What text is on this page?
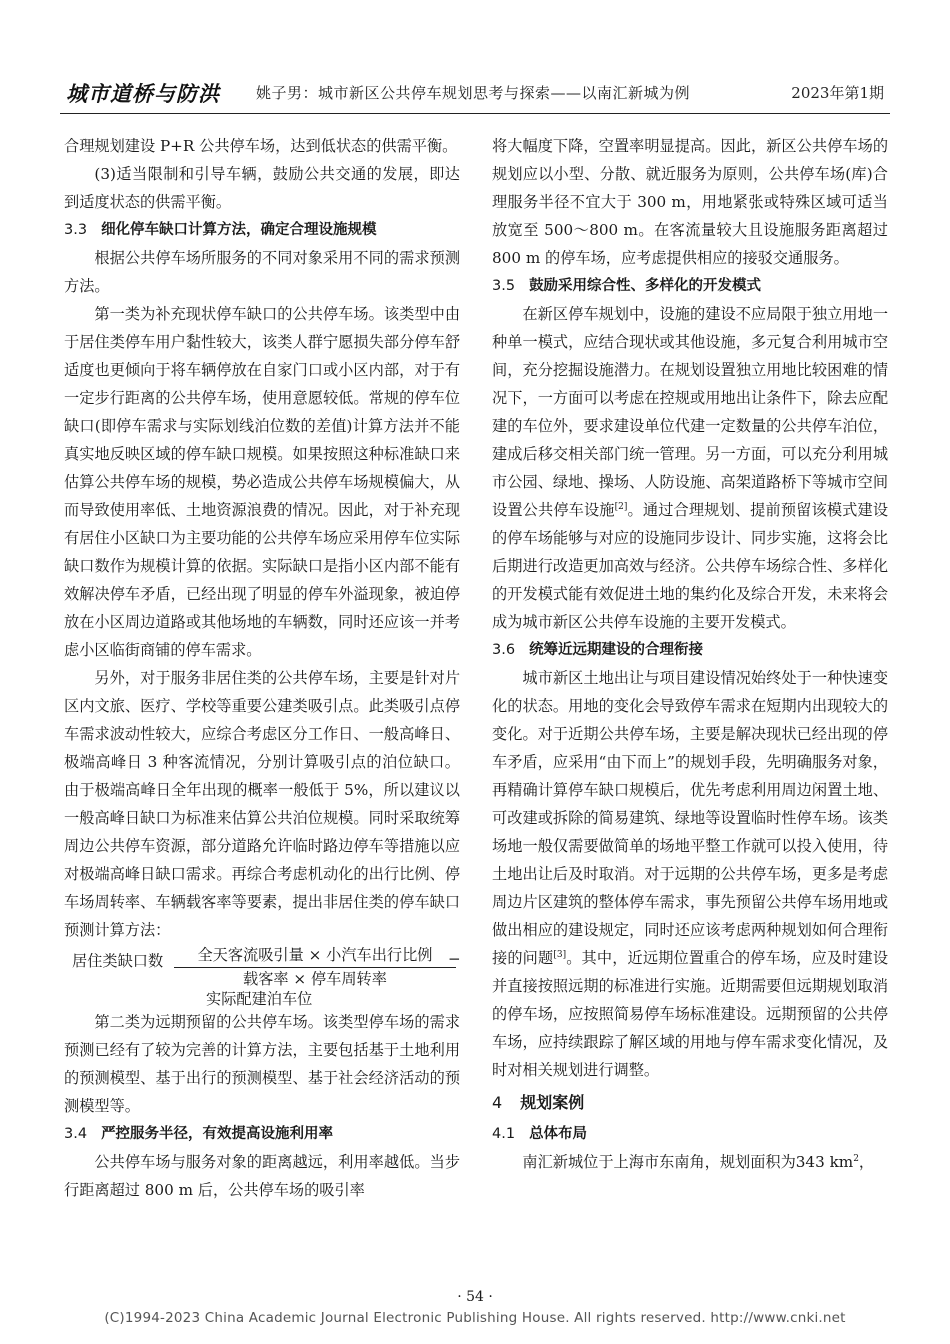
城市道桥与防洪 姚子男：城市新区公共停车规划思考与探索——以南汇新城为例	2023年第1期

合理规划建设 P+R 公共停车场，达到低状态的供需平衡。

(3)适当限制和引导车辆，鼓励公共交通的发展，即达到适度状态的供需平衡。

3.3 细化停车缺口计算方法，确定合理设施规模

根据公共停车场所服务的不同对象采用不同的需求预测方法。

第一类为补充现状停车缺口的公共停车场。该类型中由于居住类停车用户黏性较大，该类人群宁愿损失部分停车舒适度也更倾向于将车辆停放在自家门口或小区内部，对于有一定步行距离的公共停车场，使用意愿较低。常规的停车位缺口(即停车需求与实际划线泊位数的差值)计算方法并不能真实地反映区域的停车缺口规模。如果按照这种标准缺口来估算公共停车场的规模，势必造成公共停车场规模偏大，从而导致使用率低、土地资源浪费的情况。因此，对于补充现有居住小区缺口为主要功能的公共停车场应采用停车位实际缺口数作为规模计算的依据。实际缺口是指小区内部不能有效解决停车矛盾，已经出现了明显的停车外溢现象，被迫停放在小区周边道路或其他场地的车辆数，同时还应该一并考虑小区临街商铺的停车需求。

另外，对于服务非居住类的公共停车场，主要是针对片区内文旅、医疗、学校等重要公建类吸引点。此类吸引点停车需求波动性较大，应综合考虑区分工作日、一般高峰日、极端高峰日 3 种客流情况，分别计算吸引点的泊位缺口。由于极端高峰日全年出现的概率一般低于 5%，所以建议以一般高峰日缺口为标准来估算公共泊位规模。同时采取统筹周边公共停车资源，部分道路允许临时路边停车等措施以应对极端高峰日缺口需求。再综合考虑机动化的出行比例、停车场周转率、车辆载客率等要素，提出非居住类的停车缺口预测计算方法：

居住类缺口数	全天客流吸引量 × 小汽车出行比例
载客率 × 停车周转率
−
实际配建泊车位

第二类为远期预留的公共停车场。该类型停车场的需求预测已经有了较为完善的计算方法，主要包括基于土地利用的预测模型、基于出行的预测模型、基于社会经济活动的预测模型等。

3.4 严控服务半径，有效提高设施利用率

公共停车场与服务对象的距离越远，利用率越低。当步行距离超过 800 m 后，公共停车场的吸引率

将大幅度下降，空置率明显提高。因此，新区公共停车场的规划应以小型、分散、就近服务为原则，公共停车场(库)合理服务半径不宜大于 300 m，用地紧张或特殊区域可适当放宽至 500～800 m。在客流量较大且设施服务距离超过 800 m 的停车场，应考虑提供相应的接驳交通服务。

3.5 鼓励采用综合性、多样化的开发模式

在新区停车规划中，设施的建设不应局限于独立用地一种单一模式，应结合现状或其他设施，多元复合利用城市空间，充分挖掘设施潜力。在规划设置独立用地比较困难的情况下，一方面可以考虑在控规或用地出让条件下，除去应配建的车位外，要求建设单位代建一定数量的公共停车泊位，建成后移交相关部门统一管理。另一方面，可以充分利用城市公园、绿地、操场、人防设施、高架道路桥下等城市空间设置公共停车设施[2]。通过合理规划、提前预留该模式建设的停车场能够与对应的设施同步设计、同步实施，这将会比后期进行改造更加高效与经济。公共停车场综合性、多样化的开发模式能有效促进土地的集约化及综合开发，未来将会成为城市新区公共停车设施的主要开发模式。

3.6 统筹近远期建设的合理衔接

城市新区土地出让与项目建设情况始终处于一种快速变化的状态。用地的变化会导致停车需求在短期内出现较大的变化。对于近期公共停车场，主要是解决现状已经出现的停车矛盾，应采用“由下而上”的规划手段，先明确服务对象，再精确计算停车缺口规模后，优先考虑利用周边闲置土地、可改建或拆除的简易建筑、绿地等设置临时性停车场。该类场地一般仅需要做简单的场地平整工作就可以投入使用，待土地出让后及时取消。对于远期的公共停车场，更多是考虑周边片区建筑的整体停车需求，事先预留公共停车场用地或做出相应的建设规定，同时还应该考虑两种规划如何合理衔接的问题[3]。其中，近远期位置重合的停车场，应及时建设并直接按照远期的标准进行实施。近期需要但远期规划取消的停车场，应按照简易停车场标准建设。远期预留的公共停车场，应持续跟踪了解区域的用地与停车需求变化情况，及时对相关规划进行调整。

4 规划案例
4.1 总体布局

南汇新城位于上海市东南角，规划面积为343 $km^2$，

· 54 ·
(C)1994-2023 China Academic Journal Electronic Publishing House. All rights reserved. http://www.cnki.net
